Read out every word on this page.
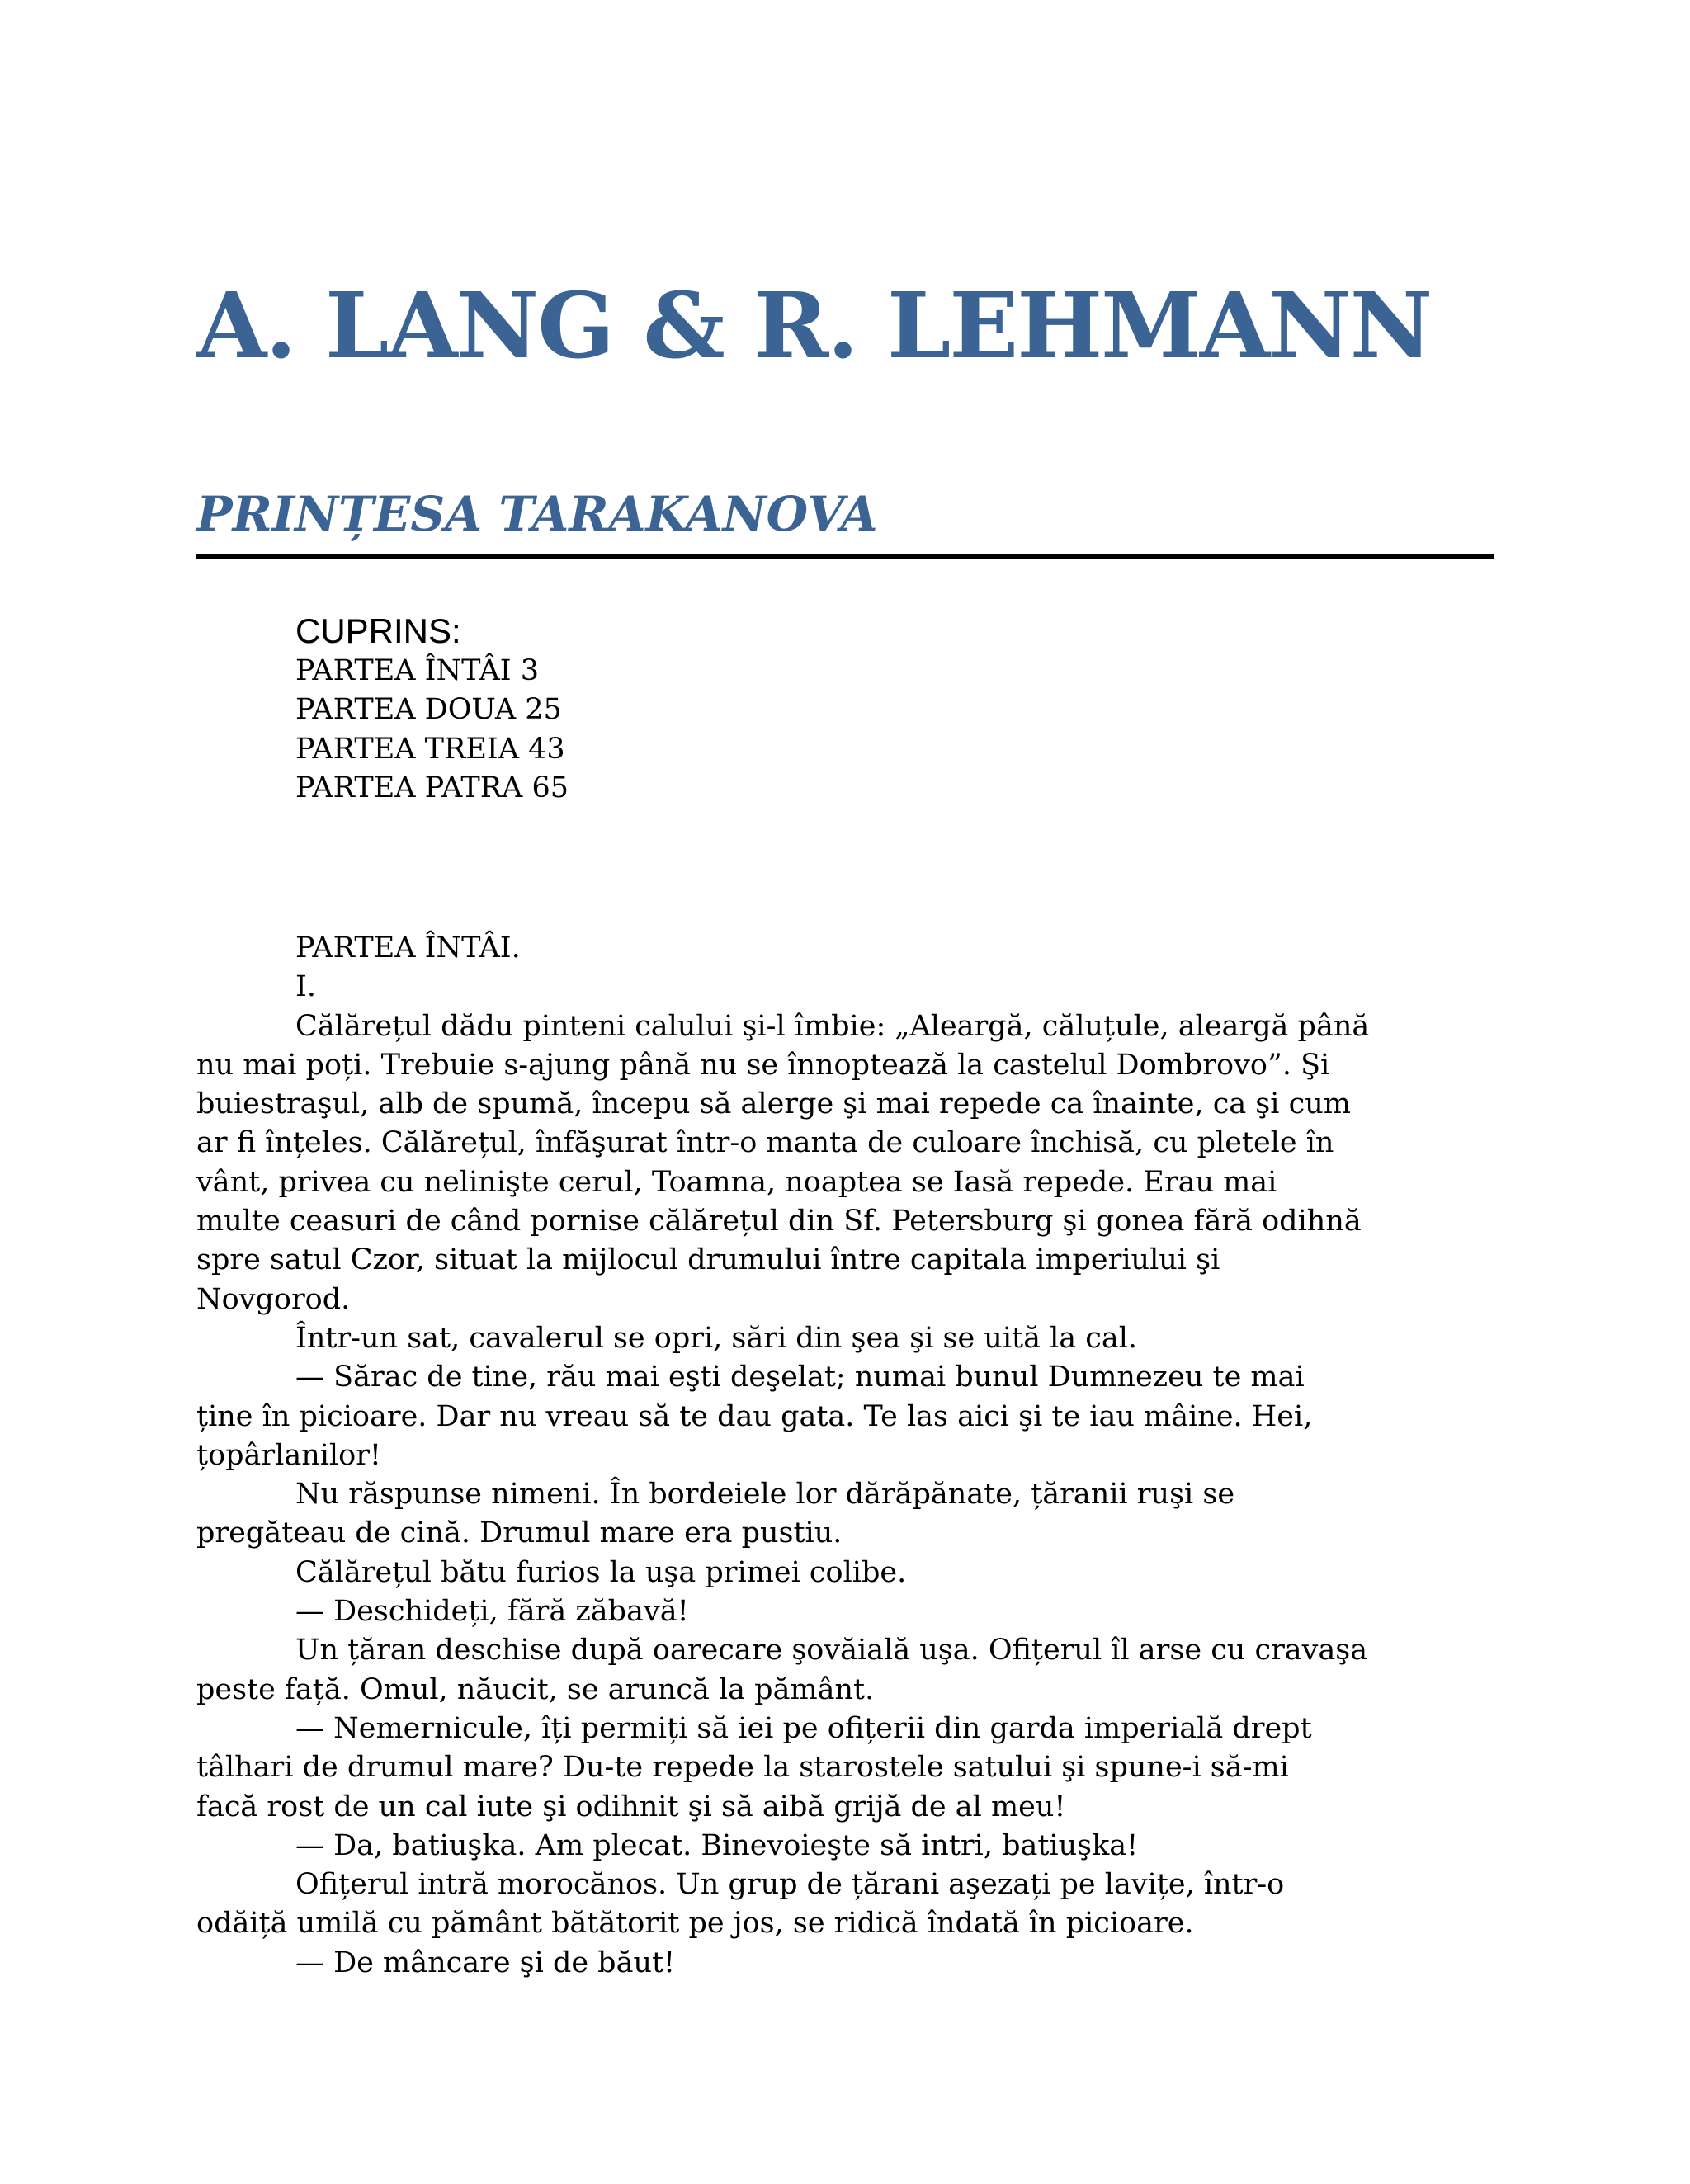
A. LANG & R. LEHMANN
PRINȚESA TARAKANOVA
CUPRINS:
PARTEA ÎNTÂI 3
PARTEA DOUA 25
PARTEA TREIA 43
PARTEA PATRA 65
PARTEA ÎNTÂI.
I.
Călărețul dădu pinteni calului şi-l îmbie: „Aleargă, căluțule, aleargă până
nu mai poți. Trebuie s-ajung până nu se înnoptează la castelul Dombrovo”. Şi
buiestraşul, alb de spumă, începu să alerge şi mai repede ca înainte, ca şi cum
ar fi înțeles. Călărețul, înfăşurat într-o manta de culoare închisă, cu pletele în
vânt, privea cu nelinişte cerul, Toamna, noaptea se Iasă repede. Erau mai
multe ceasuri de când pornise călărețul din Sf. Petersburg şi gonea fără odihnă
spre satul Czor, situat la mijlocul drumului între capitala imperiului şi
Novgorod.
Într-un sat, cavalerul se opri, sări din şea şi se uită la cal.
— Sărac de tine, rău mai eşti deşelat; numai bunul Dumnezeu te mai
ține în picioare. Dar nu vreau să te dau gata. Te las aici şi te iau mâine. Hei,
țopârlanilor!
Nu răspunse nimeni. În bordeiele lor dărăpănate, țăranii ruşi se
pregăteau de cină. Drumul mare era pustiu.
Călărețul bătu furios la uşa primei colibe.
— Deschideți, fără zăbavă!
Un țăran deschise după oarecare şovăială uşa. Ofițerul îl arse cu cravaşa
peste față. Omul, năucit, se aruncă la pământ.
— Nemernicule, îți permiți să iei pe ofițerii din garda imperială drept
tâlhari de drumul mare? Du-te repede la starostele satului şi spune-i să-mi
facă rost de un cal iute şi odihnit şi să aibă grijă de al meu!
— Da, batiuşka. Am plecat. Binevoieşte să intri, batiuşka!
Ofițerul intră morocănos. Un grup de țărani aşezați pe lavițe, într-o
odăiță umilă cu pământ bătătorit pe jos, se ridică îndată în picioare.
— De mâncare şi de băut!
